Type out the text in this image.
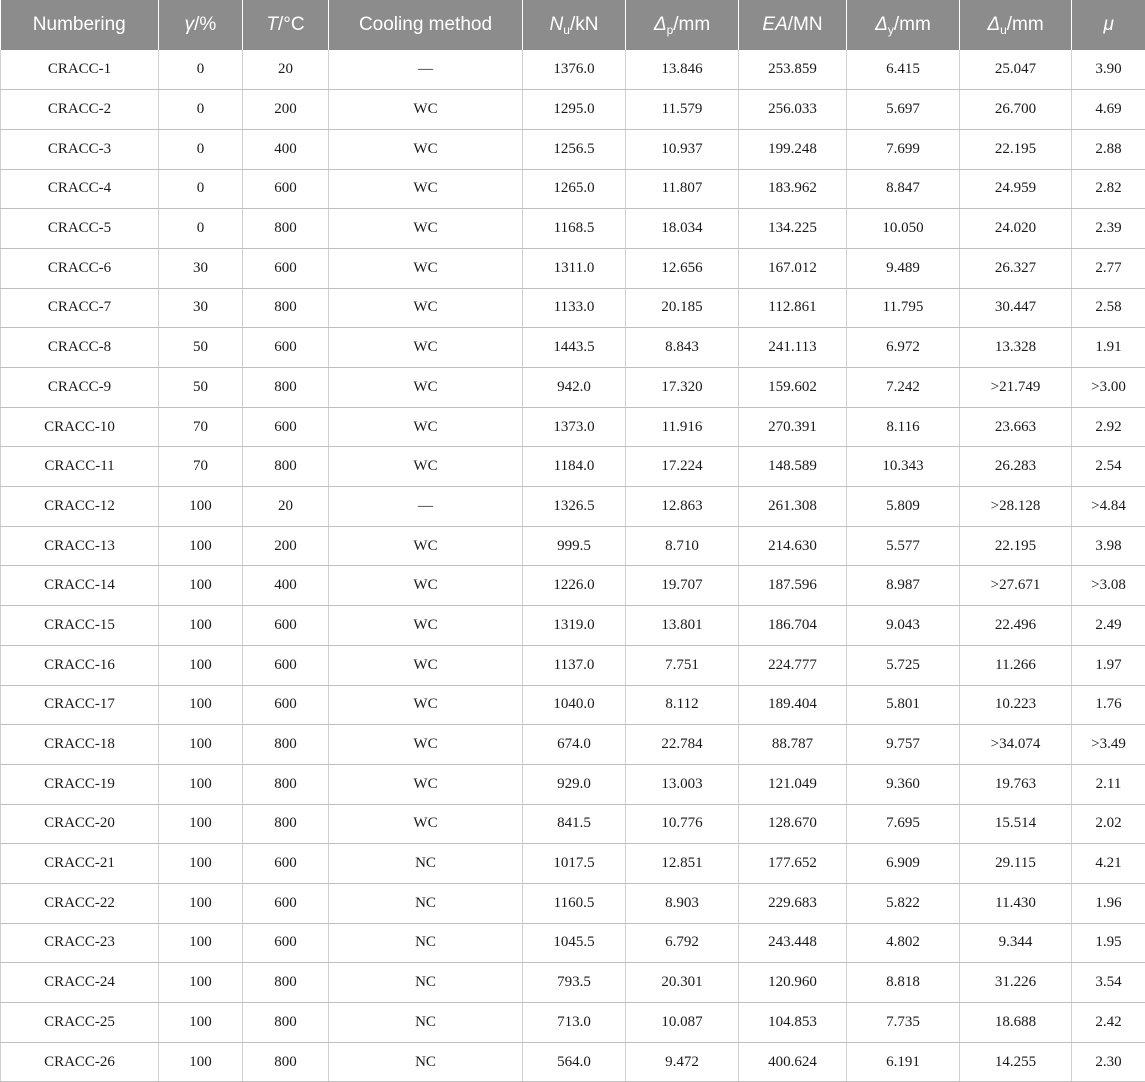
Numbering	γ/%	T/°C	Cooling method	$N_u/kN$	$\Delta_p/mm$	EA/MN	$\Delta_y/mm$	$\Delta_u/mm$	μ
CRACC-1	0	20	—	1376.0	13.846	253.859	6.415	25.047	3.90
CRACC-2	0	200	WC	1295.0	11.579	256.033	5.697	26.700	4.69
CRACC-3	0	400	WC	1256.5	10.937	199.248	7.699	22.195	2.88
CRACC-4	0	600	WC	1265.0	11.807	183.962	8.847	24.959	2.82
CRACC-5	0	800	WC	1168.5	18.034	134.225	10.050	24.020	2.39
CRACC-6	30	600	WC	1311.0	12.656	167.012	9.489	26.327	2.77
CRACC-7	30	800	WC	1133.0	20.185	112.861	11.795	30.447	2.58
CRACC-8	50	600	WC	1443.5	8.843	241.113	6.972	13.328	1.91
CRACC-9	50	800	WC	942.0	17.320	159.602	7.242	>21.749	>3.00
CRACC-10	70	600	WC	1373.0	11.916	270.391	8.116	23.663	2.92
CRACC-11	70	800	WC	1184.0	17.224	148.589	10.343	26.283	2.54
CRACC-12	100	20	—	1326.5	12.863	261.308	5.809	>28.128	>4.84
CRACC-13	100	200	WC	999.5	8.710	214.630	5.577	22.195	3.98
CRACC-14	100	400	WC	1226.0	19.707	187.596	8.987	>27.671	>3.08
CRACC-15	100	600	WC	1319.0	13.801	186.704	9.043	22.496	2.49
CRACC-16	100	600	WC	1137.0	7.751	224.777	5.725	11.266	1.97
CRACC-17	100	600	WC	1040.0	8.112	189.404	5.801	10.223	1.76
CRACC-18	100	800	WC	674.0	22.784	88.787	9.757	>34.074	>3.49
CRACC-19	100	800	WC	929.0	13.003	121.049	9.360	19.763	2.11
CRACC-20	100	800	WC	841.5	10.776	128.670	7.695	15.514	2.02
CRACC-21	100	600	NC	1017.5	12.851	177.652	6.909	29.115	4.21
CRACC-22	100	600	NC	1160.5	8.903	229.683	5.822	11.430	1.96
CRACC-23	100	600	NC	1045.5	6.792	243.448	4.802	9.344	1.95
CRACC-24	100	800	NC	793.5	20.301	120.960	8.818	31.226	3.54
CRACC-25	100	800	NC	713.0	10.087	104.853	7.735	18.688	2.42
CRACC-26	100	800	NC	564.0	9.472	400.624	6.191	14.255	2.30
